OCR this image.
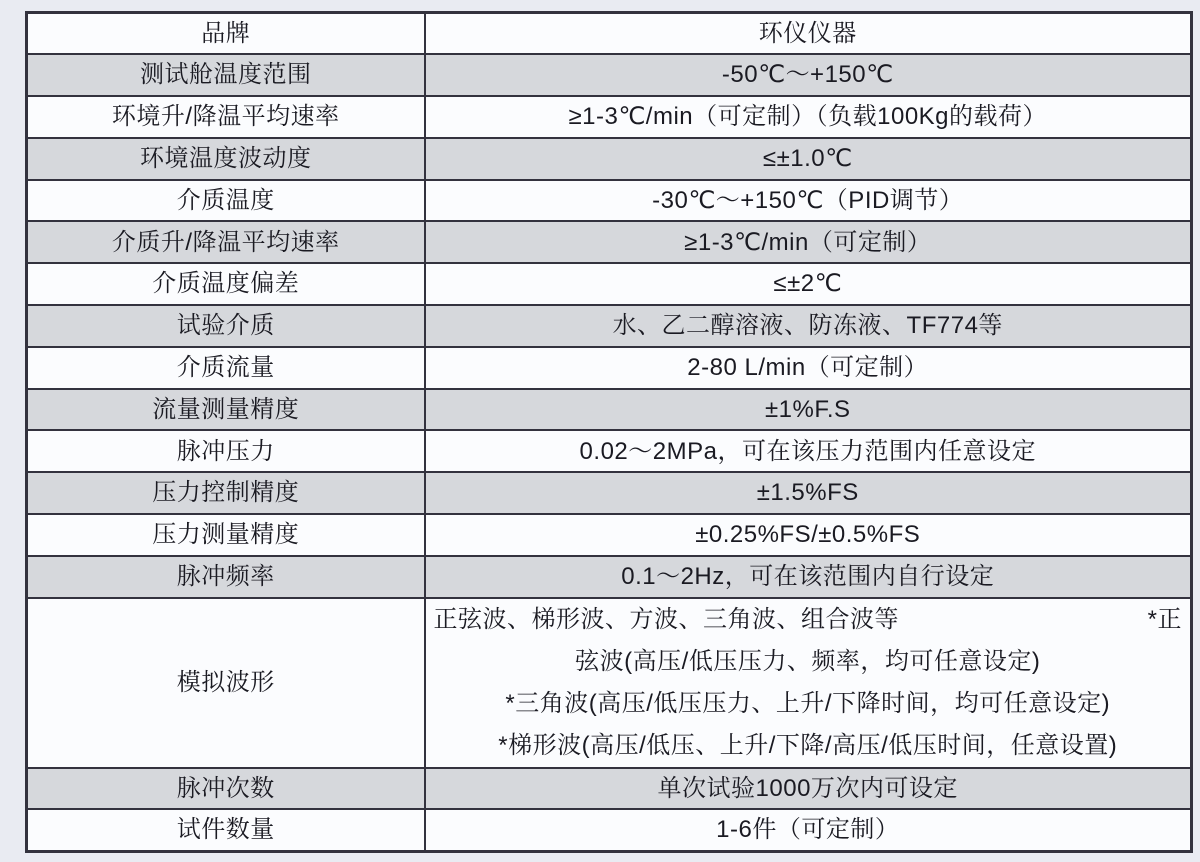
品牌	环仪仪器
测试舱温度范围	-50℃～+150℃
环境升/降温平均速率	≥1-3℃/min（可定制）（负载100Kg的载荷）
环境温度波动度	≤±1.0℃
介质温度	-30℃～+150℃（PID调节）
介质升/降温平均速率	≥1-3℃/min（可定制）
介质温度偏差	≤±2℃
试验介质	水、乙二醇溶液、防冻液、TF774等
介质流量	2-80 L/min（可定制）
流量测量精度	±1%F.S
脉冲压力	0.02～2MPa，可在该压力范围内任意设定
压力控制精度	±1.5%FS
压力测量精度	±0.25%FS/±0.5%FS
脉冲频率	0.1～2Hz，可在该范围内自行设定
模拟波形	正弦波、梯形波、方波、三角波、组合波等 *正
弦波(高压/低压压力、频率，均可任意设定)
*三角波(高压/低压压力、上升/下降时间，均可任意设定)
*梯形波(高压/低压、上升/下降/高压/低压时间，任意设置)

脉冲次数	单次试验1000万次内可设定
试件数量	1-6件（可定制）
